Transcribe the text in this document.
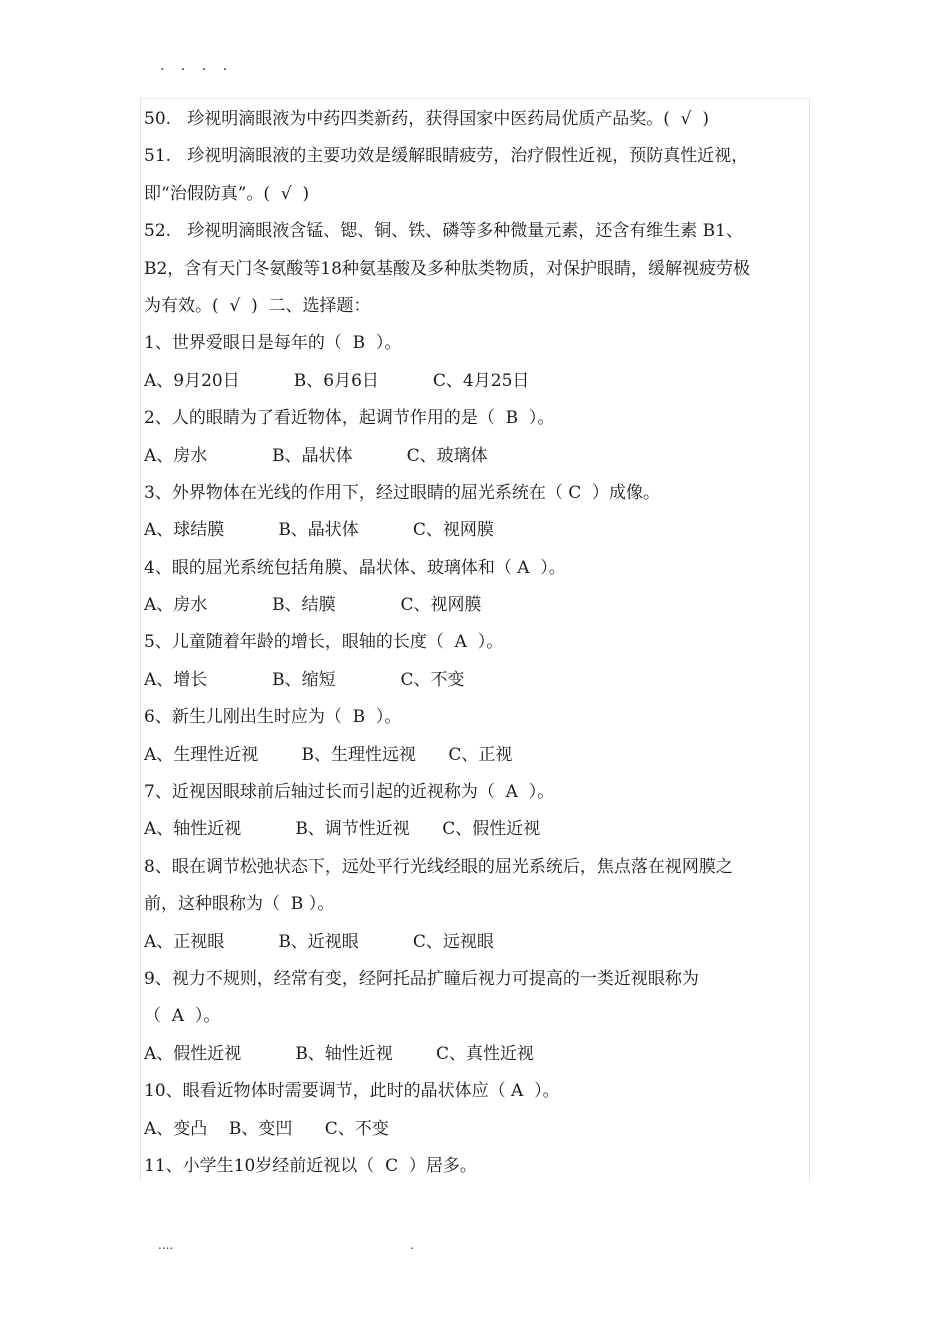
. . . .
50.   珍视明滴眼液为中药四类新药，获得国家中医药局优质产品奖。(  √  )
51.   珍视明滴眼液的主要功效是缓解眼睛疲劳，治疗假性近视，预防真性近视，
即“治假防真”。(  √  )
52.   珍视明滴眼液含锰、锶、铜、铁、磷等多种微量元素，还含有维生素 B1、
B2，含有天门冬氨酸等18种氨基酸及多种肽类物质，对保护眼睛，缓解视疲劳极
为有效。(  √  )  二、选择题：
1、世界爱眼日是每年的（  B  ）。
A、9月20日          B、6月6日          C、4月25日
2、人的眼睛为了看近物体，起调节作用的是（  B  ）。
A、房水            B、晶状体          C、玻璃体
3、外界物体在光线的作用下，经过眼睛的屈光系统在（ C  ）成像。
A、球结膜          B、晶状体          C、视网膜
4、眼的屈光系统包括角膜、晶状体、玻璃体和（ A  ）。
A、房水            B、结膜            C、视网膜
5、儿童随着年龄的增长，眼轴的长度（  A  ）。
A、增长            B、缩短            C、不变
6、新生儿刚出生时应为（  B  ）。
A、生理性近视        B、生理性远视      C、正视
7、近视因眼球前后轴过长而引起的近视称为（  A  ）。
A、轴性近视          B、调节性近视      C、假性近视
8、眼在调节松弛状态下，远处平行光线经眼的屈光系统后，焦点落在视网膜之
前，这种眼称为（  B ）。
A、正视眼          B、近视眼          C、远视眼
9、视力不规则，经常有变，经阿托品扩瞳后视力可提高的一类近视眼称为
（  A  ）。
A、假性近视          B、轴性近视        C、真性近视
10、眼看近物体时需要调节，此时的晶状体应（ A  ）。
A、变凸    B、变凹      C、不变
11、小学生10岁经前近视以（  C  ）居多。
....	.
